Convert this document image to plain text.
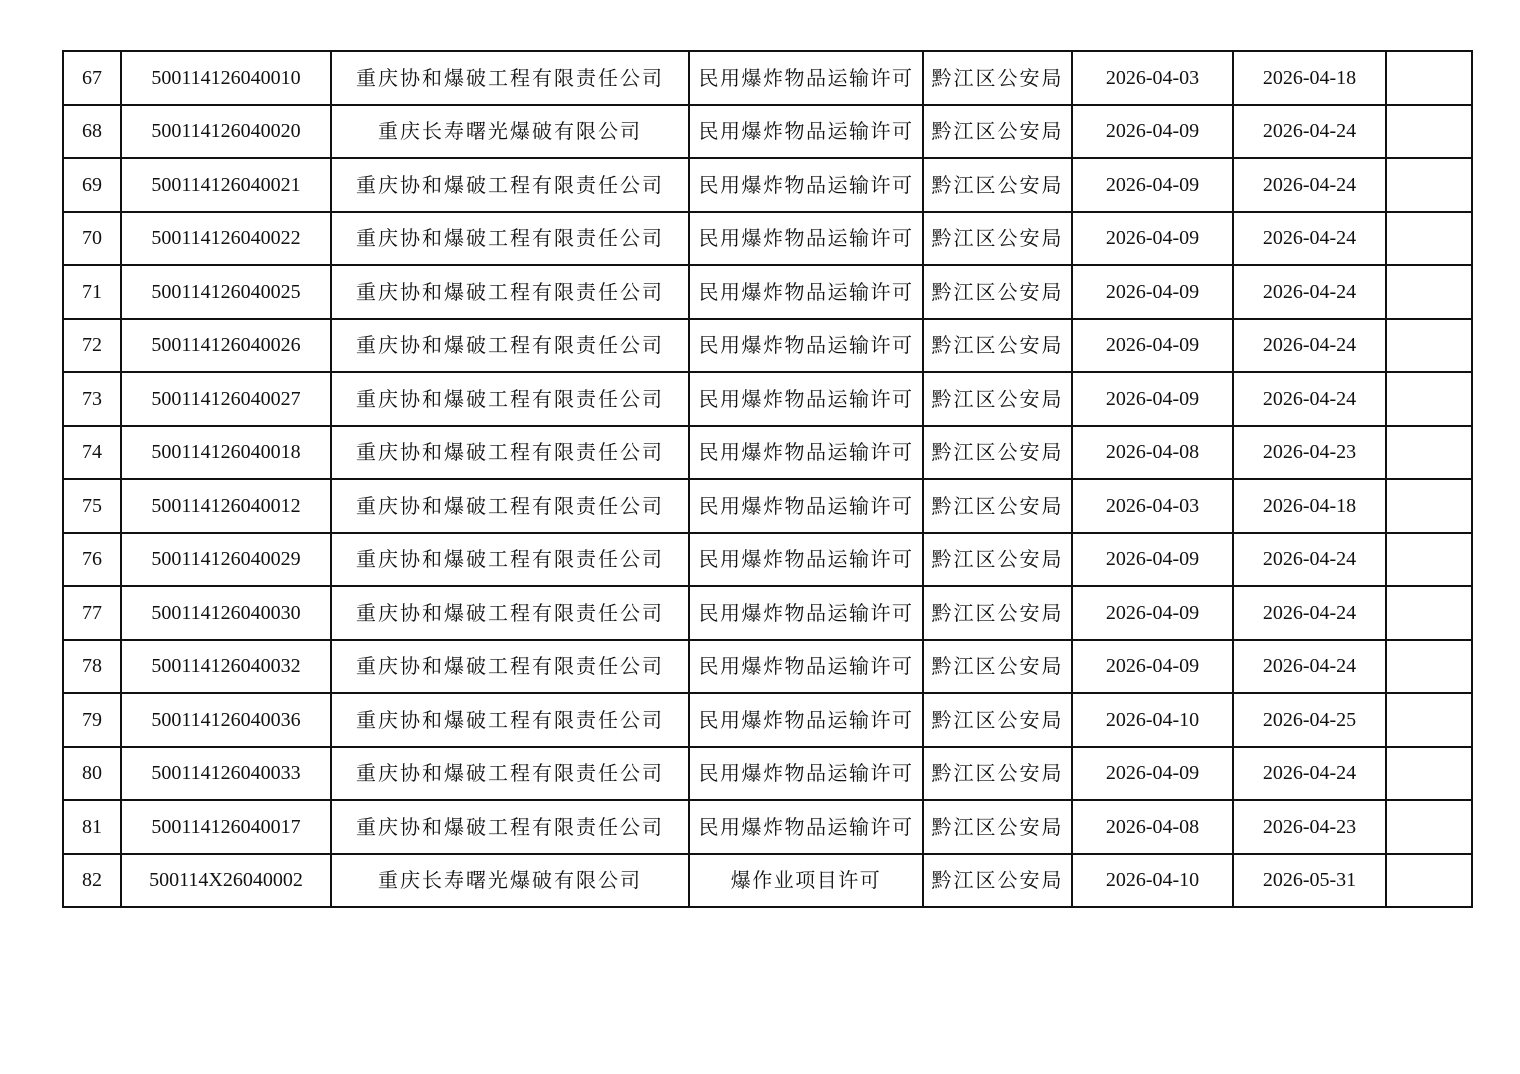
67	500114126040010	重庆协和爆破工程有限责任公司	民用爆炸物品运输许可	黔江区公安局	2026-04-03	2026-04-18	
68	500114126040020	重庆长寿曙光爆破有限公司	民用爆炸物品运输许可	黔江区公安局	2026-04-09	2026-04-24	
69	500114126040021	重庆协和爆破工程有限责任公司	民用爆炸物品运输许可	黔江区公安局	2026-04-09	2026-04-24	
70	500114126040022	重庆协和爆破工程有限责任公司	民用爆炸物品运输许可	黔江区公安局	2026-04-09	2026-04-24	
71	500114126040025	重庆协和爆破工程有限责任公司	民用爆炸物品运输许可	黔江区公安局	2026-04-09	2026-04-24	
72	500114126040026	重庆协和爆破工程有限责任公司	民用爆炸物品运输许可	黔江区公安局	2026-04-09	2026-04-24	
73	500114126040027	重庆协和爆破工程有限责任公司	民用爆炸物品运输许可	黔江区公安局	2026-04-09	2026-04-24	
74	500114126040018	重庆协和爆破工程有限责任公司	民用爆炸物品运输许可	黔江区公安局	2026-04-08	2026-04-23	
75	500114126040012	重庆协和爆破工程有限责任公司	民用爆炸物品运输许可	黔江区公安局	2026-04-03	2026-04-18	
76	500114126040029	重庆协和爆破工程有限责任公司	民用爆炸物品运输许可	黔江区公安局	2026-04-09	2026-04-24	
77	500114126040030	重庆协和爆破工程有限责任公司	民用爆炸物品运输许可	黔江区公安局	2026-04-09	2026-04-24	
78	500114126040032	重庆协和爆破工程有限责任公司	民用爆炸物品运输许可	黔江区公安局	2026-04-09	2026-04-24	
79	500114126040036	重庆协和爆破工程有限责任公司	民用爆炸物品运输许可	黔江区公安局	2026-04-10	2026-04-25	
80	500114126040033	重庆协和爆破工程有限责任公司	民用爆炸物品运输许可	黔江区公安局	2026-04-09	2026-04-24	
81	500114126040017	重庆协和爆破工程有限责任公司	民用爆炸物品运输许可	黔江区公安局	2026-04-08	2026-04-23	
82	500114X26040002	重庆长寿曙光爆破有限公司	爆作业项目许可	黔江区公安局	2026-04-10	2026-05-31	
